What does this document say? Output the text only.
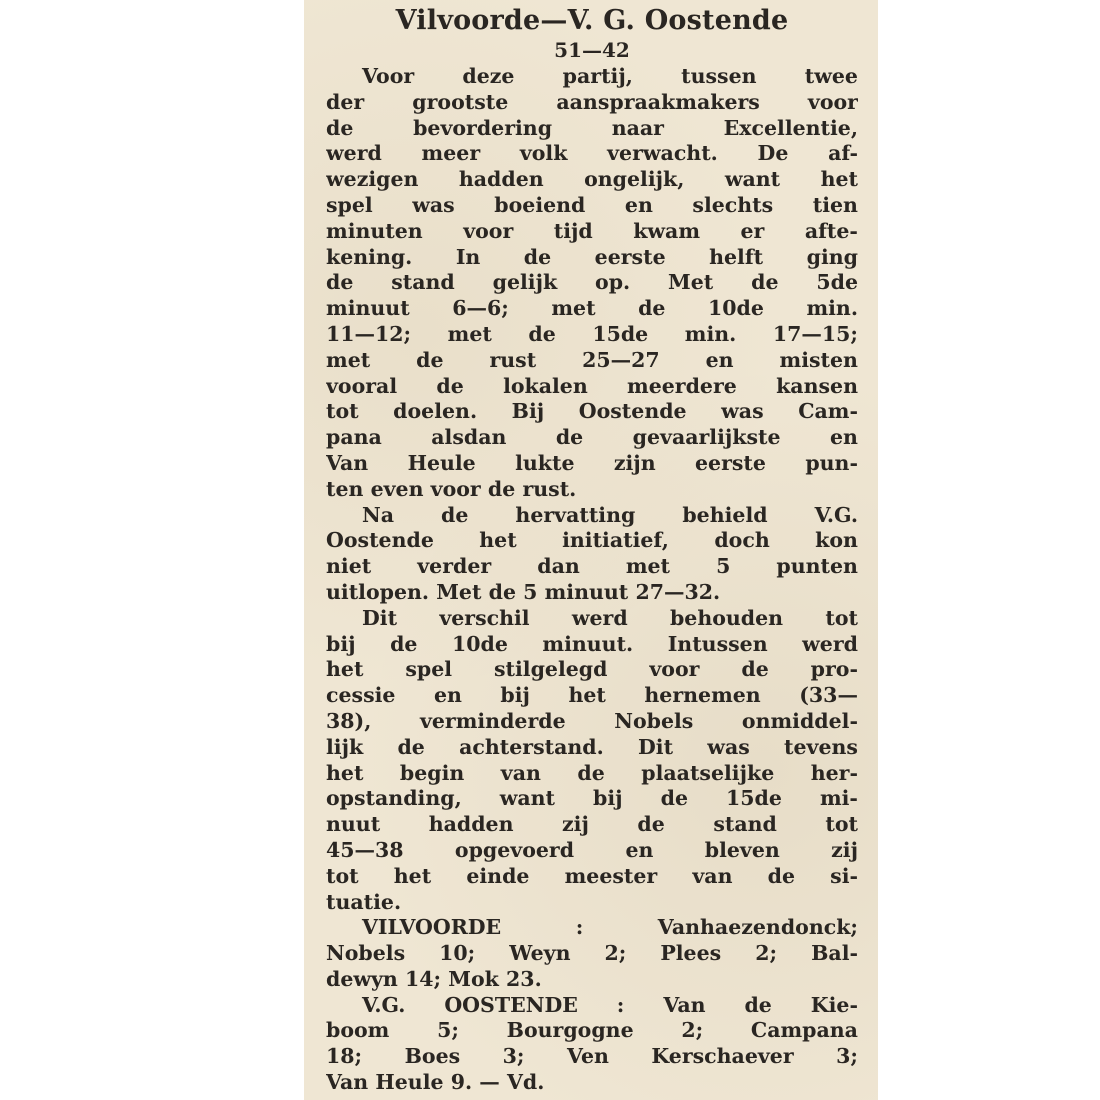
Vilvoorde—V. G. Oostende
51—42
Voor deze partij, tussen twee
der grootste aanspraakmakers voor
de	bevordering	naar	Excellentie,
werd meer volk verwacht. De af-
wezigen hadden ongelijk, want het
spel was boeiend en slechts tien
minuten voor tijd kwam er afte-
kening. In de eerste helft ging
de stand gelijk op. Met de 5de
minuut 6—6; met de 10de min.
11—12; met de 15de min. 17—15;
met de rust 25—27 en misten
vooral de lokalen meerdere kansen
tot doelen. Bij Oostende was Cam-
pana alsdan de gevaarlijkste en
Van Heule lukte zijn eerste pun-
ten even voor de rust.
Na de hervatting behield V.G.
Oostende het initiatief, doch kon
niet verder dan met 5 punten
uitlopen. Met de 5 minuut 27—32.
Dit verschil werd behouden tot
bij de 10de minuut. Intussen werd
het spel stilgelegd voor de pro-
cessie en bij het hernemen (33—
38), verminderde Nobels onmiddel-
lijk de achterstand. Dit was tevens
het begin van de plaatselijke her-
opstanding, want bij de 15de mi-
nuut hadden zij de stand tot
45—38	opgevoerd	en	bleven	zij
tot het einde meester van de si-
tuatie.
VILVOORDE	:	Vanhaezendonck;
Nobels 10; Weyn 2; Plees 2; Bal-
dewyn 14; Mok 23.
V.G. OOSTENDE : Van de Kie-
boom 5; Bourgogne 2; Campana
18; Boes 3; Ven Kerschaever 3;
Van Heule 9. — Vd.
